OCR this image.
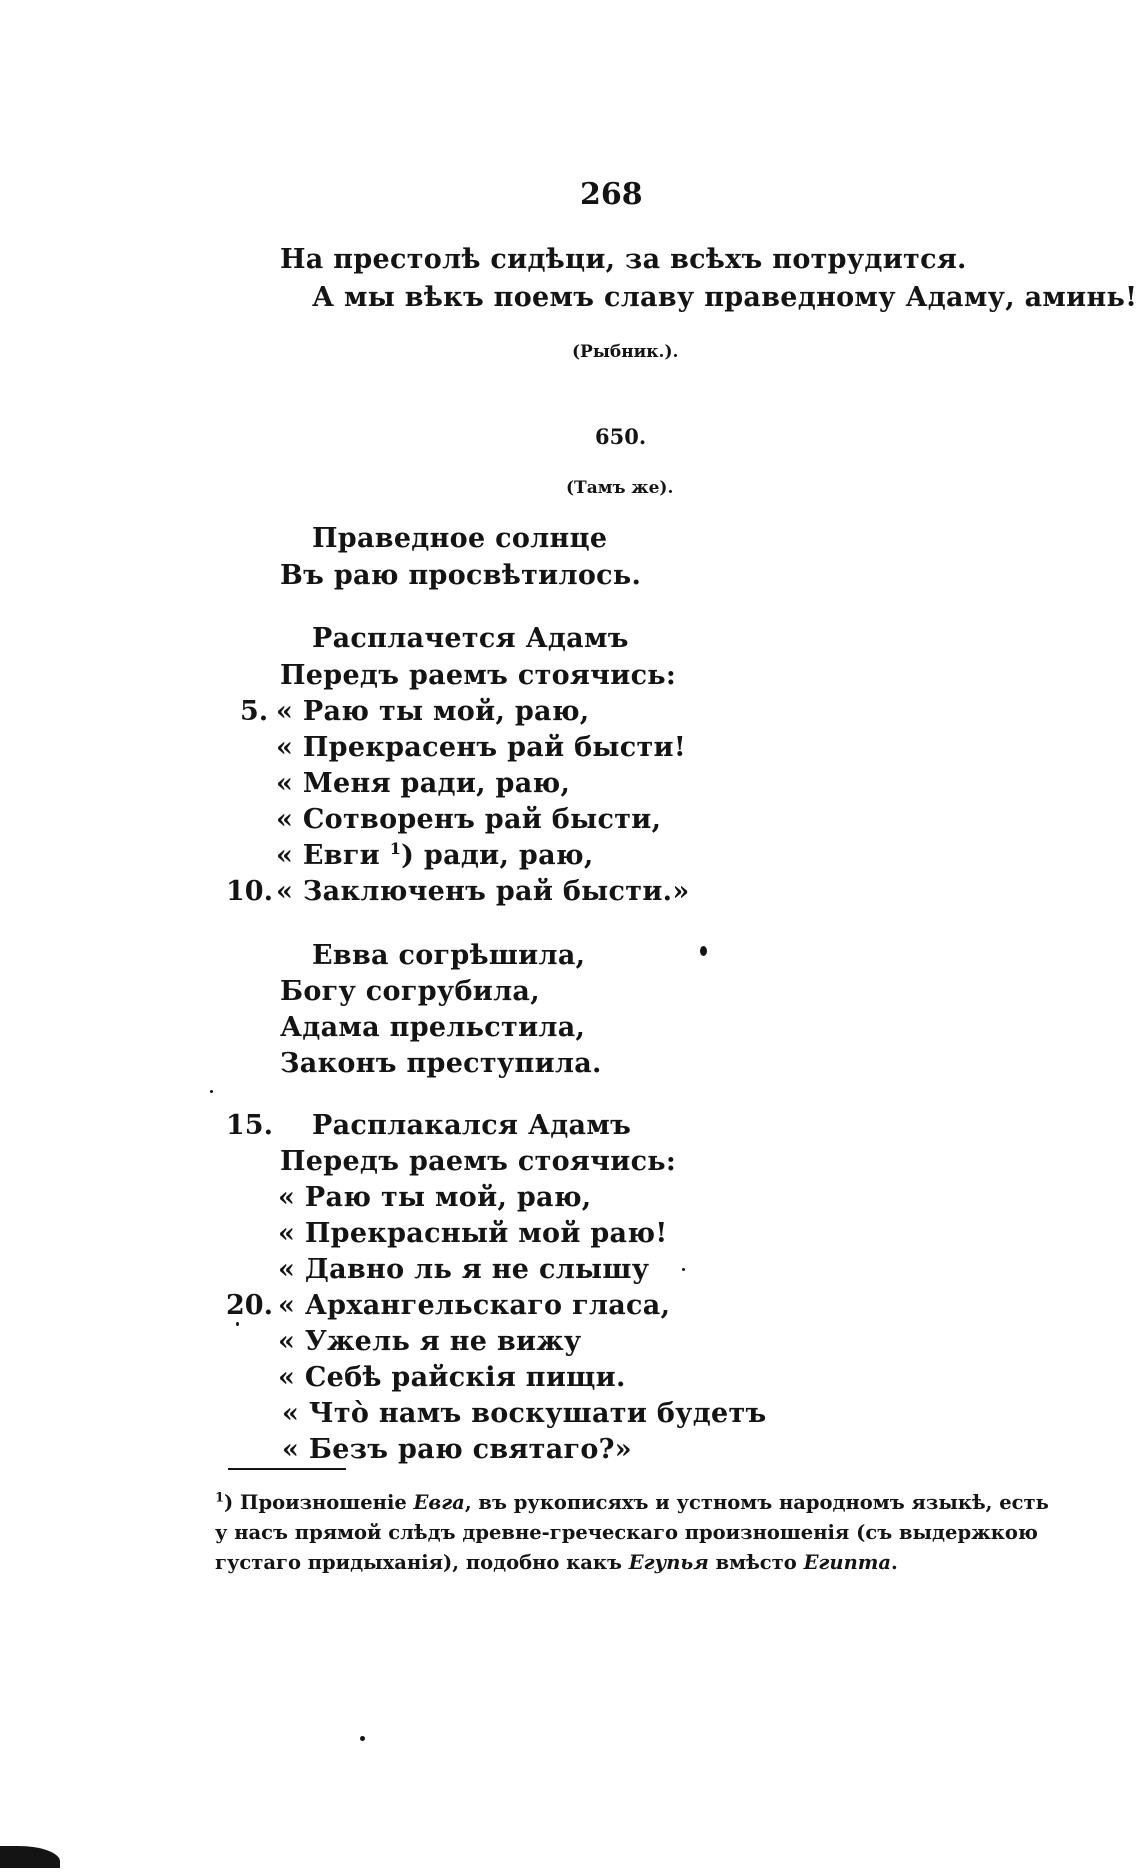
268
На престолѣ сидѣци, за всѣхъ потрудится.
А мы вѣкъ поемъ славу праведному Адаму, аминь!
(Рыбник.).
650.
(Тамъ же).
Праведное солнце
Въ раю просвѣтилось.
Расплачется Адамъ
Передъ раемъ стоячись:
5. « Раю ты мой, раю,
« Прекрасенъ рай бысти!
« Меня ради, раю,
« Сотворенъ рай бысти,
« Евги $^1$) ради, раю,
10. « Заключенъ рай бысти.»
Евва согрѣшила,
Богу согрубила,
Адама прельстила,
Законъ преступила.
15. Расплакался Адамъ
Передъ раемъ стоячись:
« Раю ты мой, раю,
« Прекрасный мой раю!
« Давно ль я не слышу
20. « Архангельскаго гласа,
« Ужель я не вижу
« Себѣ райскія пищи.
« Что̀ намъ воскушати будетъ
« Безъ раю святаго?»
$^1$) Произношеніе Евга, въ рукописяхъ и устномъ народномъ языкѣ, есть
у насъ прямой слѣдъ древне-греческаго произношенія (съ выдержкою
густаго придыханія), подобно какъ Егупья вмѣсто Египта.
